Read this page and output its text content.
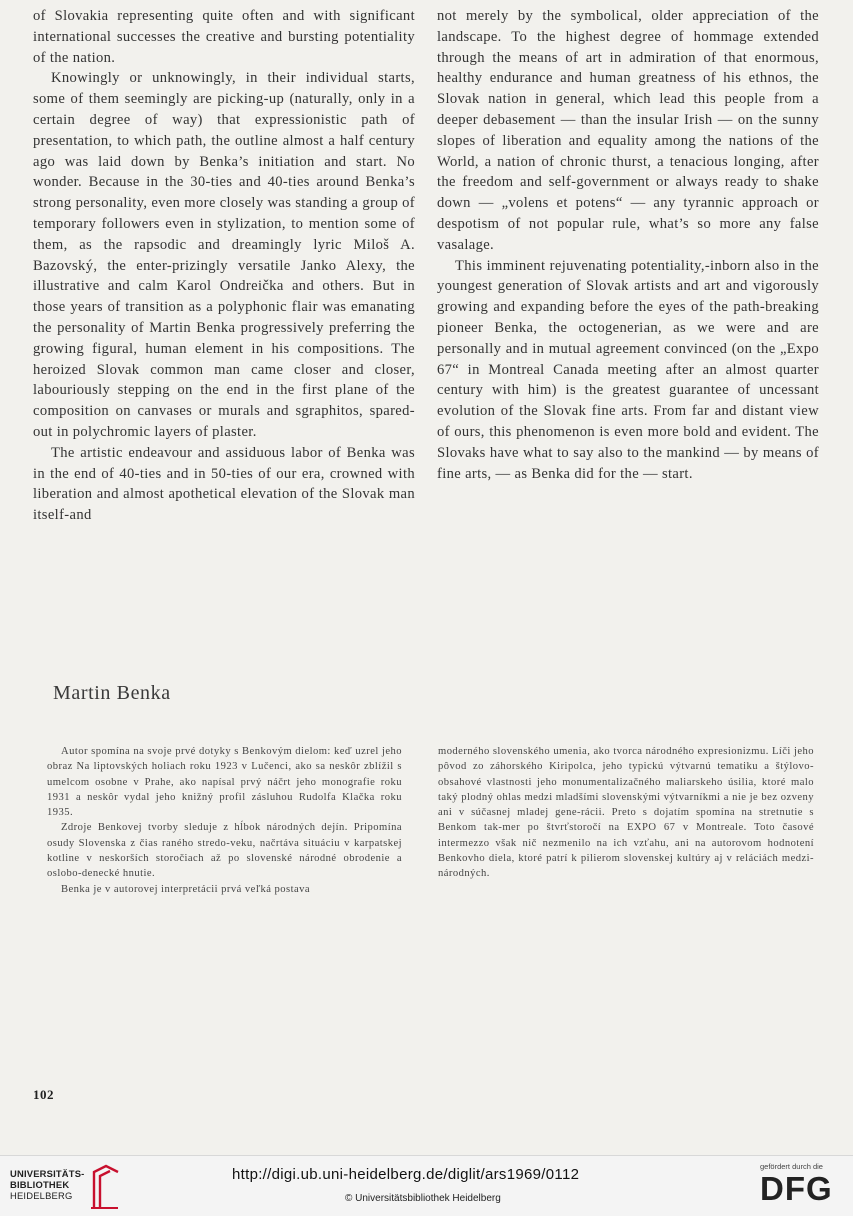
of Slovakia representing quite often and with significant international successes the creative and bursting potentiality of the nation.

Knowingly or unknowingly, in their individual starts, some of them seemingly are picking-up (naturally, only in a certain degree of way) that expressionistic path of presentation, to which path, the outline almost a half century ago was laid down by Benka’s initiation and start. No wonder. Because in the 30-ties and 40-ties around Benka’s strong personality, even more closely was standing a group of temporary followers even in stylization, to mention some of them, as the rapsodic and dreamingly lyric Miloš A. Bazovský, the enter-prizingly versatile Janko Alexy, the illustrative and calm Karol Ondreička and others. But in those years of transition as a polyphonic flair was emanating the personality of Martin Benka progressively preferring the growing figural, human element in his compositions. The heroized Slovak common man came closer and closer, labouriously stepping on the end in the first plane of the composition on canvases or murals and sgraphitos, spared-out in polychromic layers of plaster.

The artistic endeavour and assiduous labor of Benka was in the end of 40-ties and in 50-ties of our era, crowned with liberation and almost apothetical elevation of the Slovak man itself-and

not merely by the symbolical, older appreciation of the landscape. To the highest degree of hommage extended through the means of art in admiration of that enormous, healthy endurance and human greatness of his ethnos, the Slovak nation in general, which lead this people from a deeper debasement — than the insular Irish — on the sunny slopes of liberation and equality among the nations of the World, a nation of chronic thurst, a tenacious longing, after the freedom and self-government or always ready to shake down — „volens et potens“ — any tyrannic approach or despotism of not popular rule, what’s so more any false vasalage.

This imminent rejuvenating potentiality,-inborn also in the youngest generation of Slovak artists and art and vigorously growing and expanding before the eyes of the path-breaking pioneer Benka, the octogenerian, as we were and are personally and in mutual agreement convinced (on the „Expo 67“ in Montreal Canada meeting after an almost quarter century with him) is the greatest guarantee of uncessant evolution of the Slovak fine arts. From far and distant view of ours, this phenomenon is even more bold and evident. The Slovaks have what to say also to the mankind — by means of fine arts, — as Benka did for the — start.

Martin Benka

Autor spomína na svoje prvé dotyky s Benkovým dielom: keď uzrel jeho obraz Na liptovských holiach roku 1923 v Lučenci, ako sa neskôr zblížil s umelcom osobne v Prahe, ako napísal prvý náčrt jeho monografie roku 1931 a neskôr vydal jeho knižný profil zásluhou Rudolfa Klačka roku 1935.

Zdroje Benkovej tvorby sleduje z hĺbok národných dejín. Pripomína osudy Slovenska z čias raného stredo-veku, načrtáva situáciu v karpatskej kotline v neskorších storočiach až po slovenské národné obrodenie a oslobo-denecké hnutie.

Benka je v autorovej interpretácii prvá veľká postava

moderného slovenského umenia, ako tvorca národného expresionizmu. Líči jeho pôvod zo záhorského Kiripolca, jeho typickú výtvarnú tematiku a štýlovo-obsahové vlastnosti jeho monumentalizačného maliarskeho úsilia, ktoré malo taký plodný ohlas medzi mladšími slovenskými výtvarníkmi a nie je bez ozveny ani v súčasnej mladej gene-rácii. Preto s dojatím spomína na stretnutie s Benkom tak-mer po štvrťstoročí na EXPO 67 v Montreale. Toto časové intermezzo však nič nezmenilo na ich vzťahu, ani na autorovom hodnotení Benkovho diela, ktoré patrí k pilierom slovenskej kultúry aj v reláciách medzi-národných.

102
UNIVERSITÄTS-
BIBLIOTHEK
HEIDELBERG
http://digi.ub.uni-heidelberg.de/diglit/ars1969/0112
© Universitätsbibliothek Heidelberg
gefördert durch die
DFG
